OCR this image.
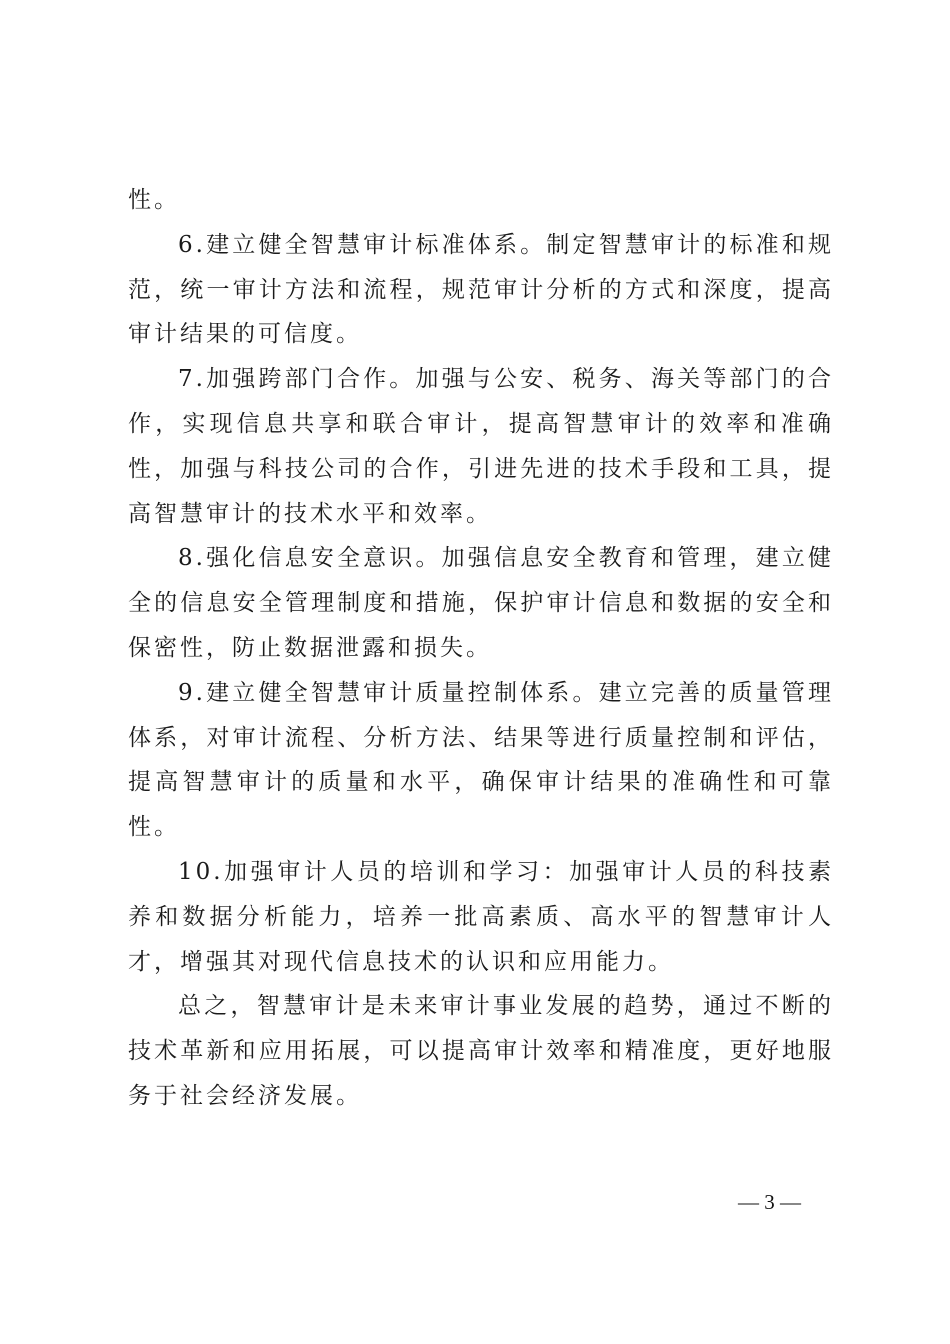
性。

6.建立健全智慧审计标准体系。制定智慧审计的标准和规范，统一审计方法和流程，规范审计分析的方式和深度，提高审计结果的可信度。

7.加强跨部门合作。加强与公安、税务、海关等部门的合作，实现信息共享和联合审计，提高智慧审计的效率和准确性，加强与科技公司的合作，引进先进的技术手段和工具，提高智慧审计的技术水平和效率。

8.强化信息安全意识。加强信息安全教育和管理，建立健全的信息安全管理制度和措施，保护审计信息和数据的安全和保密性，防止数据泄露和损失。

9.建立健全智慧审计质量控制体系。建立完善的质量管理体系，对审计流程、分析方法、结果等进行质量控制和评估，提高智慧审计的质量和水平，确保审计结果的准确性和可靠性。

10.加强审计人员的培训和学习：加强审计人员的科技素养和数据分析能力，培养一批高素质、高水平的智慧审计人才，增强其对现代信息技术的认识和应用能力。

总之，智慧审计是未来审计事业发展的趋势，通过不断的技术革新和应用拓展，可以提高审计效率和精准度，更好地服务于社会经济发展。

— 3 —
